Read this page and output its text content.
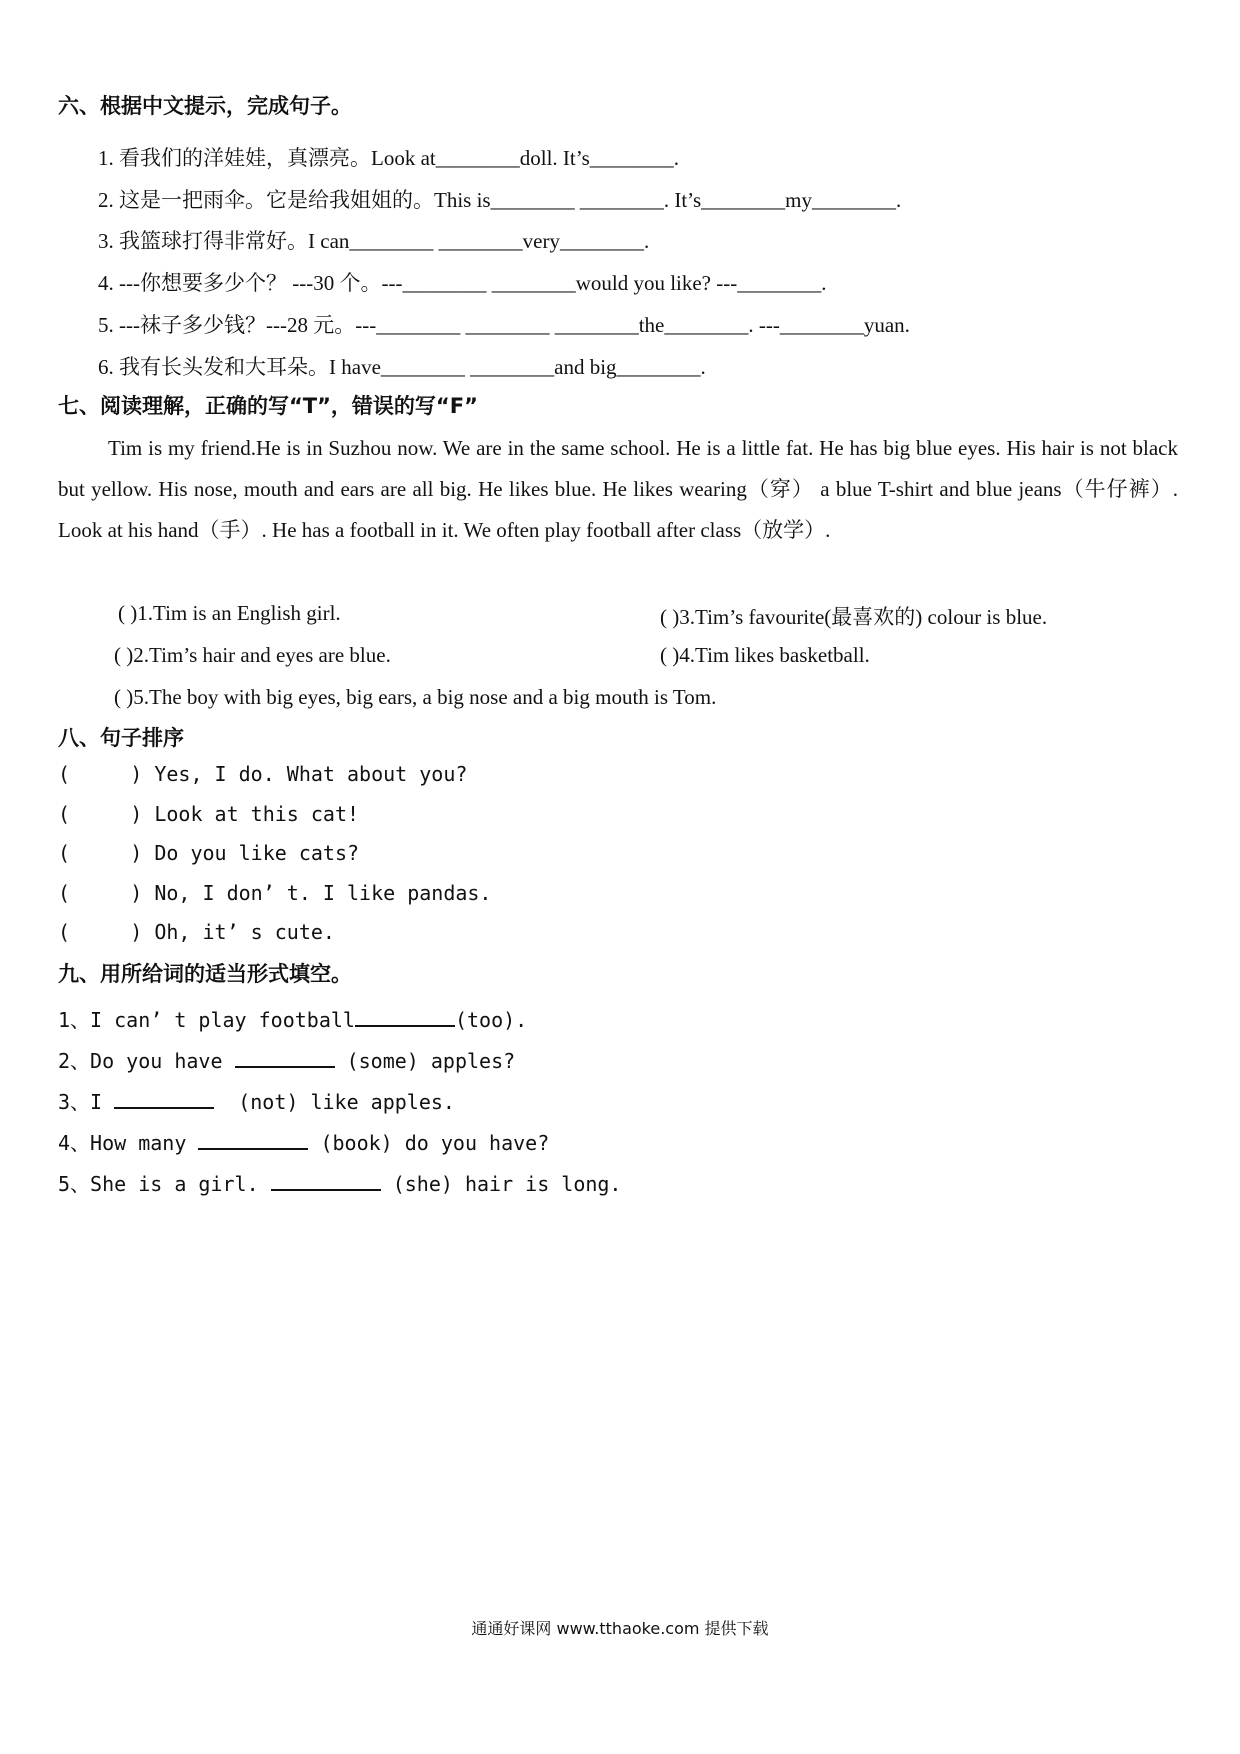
六、根据中文提示，完成句子。
1. 看我们的洋娃娃，真漂亮。Look at________doll. It’s________.
2. 这是一把雨伞。它是给我姐姐的。This is________ ________. It’s________my________.
3. 我篮球打得非常好。I can________ ________very________.
4. ---你想要多少个？ ---30 个。---________ ________would you like? ---________.
5. ---袜子多少钱？---28 元。---________ ________ ________the________. ---________yuan.
6. 我有长头发和大耳朵。I have________ ________and big________.
七、阅读理解，正确的写“T”，错误的写“F”
Tim is my friend.He is in Suzhou now. We are in the same school. He is a little fat. He has big blue eyes. His hair is not black but yellow. His nose, mouth and ears are all big. He likes blue. He likes wearing（穿） a blue T-shirt and blue jeans（牛仔裤）. Look at his hand（手）. He has a football in it. We often play football after class（放学）.
( )1.Tim is an English girl.	( )3.Tim’s favourite(最喜欢的) colour is blue.
( )2.Tim’s hair and eyes are blue.	( )4.Tim likes basketball.
( )5.The boy with big eyes, big ears, a big nose and a big mouth is Tom.
八、句子排序
(     ) Yes, I do. What about you?
(     ) Look at this cat!
(     ) Do you like cats?
(     ) No, I don’ t. I like pandas.
(     ) Oh, it’ s cute.
九、用所给词的适当形式填空。
1、I can’ t play football	(too).
2、Do you have	(some) apples?
3、I	(not) like apples.
4、How many	(book) do you have?
5、She is a girl.	(she) hair is long.
通通好课网 www.tthaoke.com 提供下载
